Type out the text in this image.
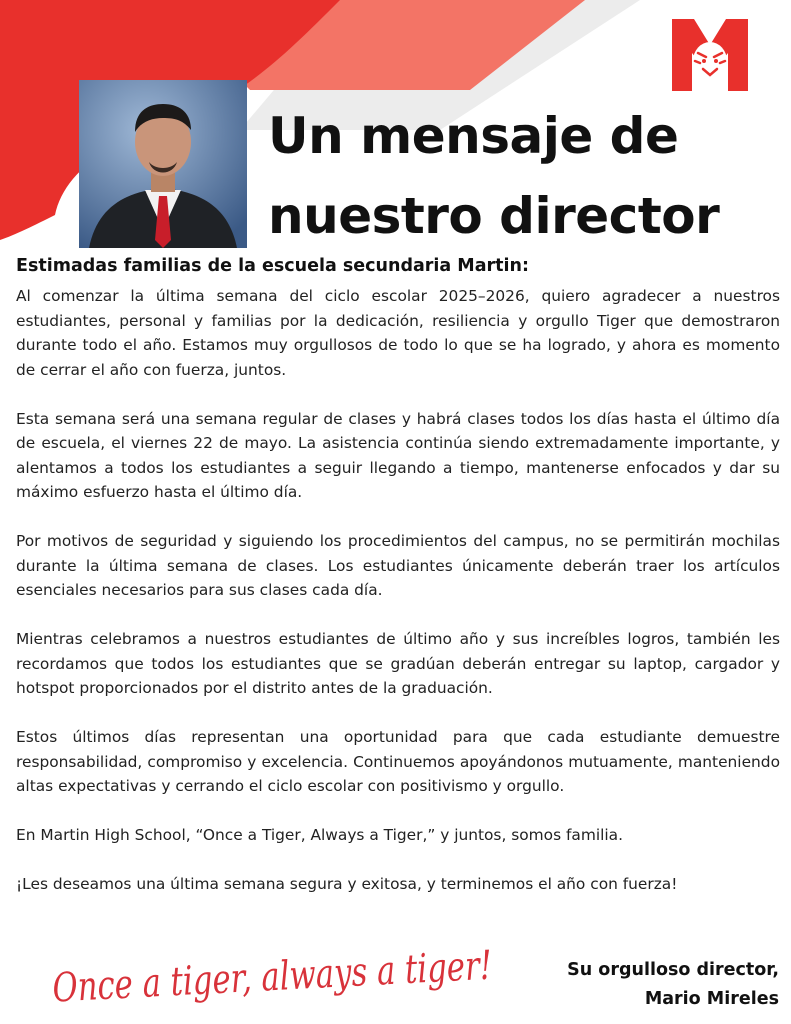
Un mensaje de
nuestro director
Estimadas familias de la escuela secundaria Martin:

Al comenzar la última semana del ciclo escolar 2025–2026, quiero agradecer a nuestros estudiantes, personal y familias por la dedicación, resiliencia y orgullo Tiger que demostraron durante todo el año. Estamos muy orgullosos de todo lo que se ha logrado, y ahora es momento de cerrar el año con fuerza, juntos.

Esta semana será una semana regular de clases y habrá clases todos los días hasta el último día de escuela, el viernes 22 de mayo. La asistencia continúa siendo extremadamente importante, y alentamos a todos los estudiantes a seguir llegando a tiempo, mantenerse enfocados y dar su máximo esfuerzo hasta el último día.

Por motivos de seguridad y siguiendo los procedimientos del campus, no se permitirán mochilas durante la última semana de clases. Los estudiantes únicamente deberán traer los artículos esenciales necesarios para sus clases cada día.

Mientras celebramos a nuestros estudiantes de último año y sus increíbles logros, también les recordamos que todos los estudiantes que se gradúan deberán entregar su laptop, cargador y hotspot proporcionados por el distrito antes de la graduación.

Estos últimos días representan una oportunidad para que cada estudiante demuestre responsabilidad, compromiso y excelencia. Continuemos apoyándonos mutuamente, manteniendo altas expectativas y cerrando el ciclo escolar con positivismo y orgullo.

En Martin High School, “Once a Tiger, Always a Tiger,” y juntos, somos familia.

¡Les deseamos una última semana segura y exitosa, y terminemos el año con fuerza!

Once a tiger, always a tiger!
Su orgulloso director,
Mario Mireles
